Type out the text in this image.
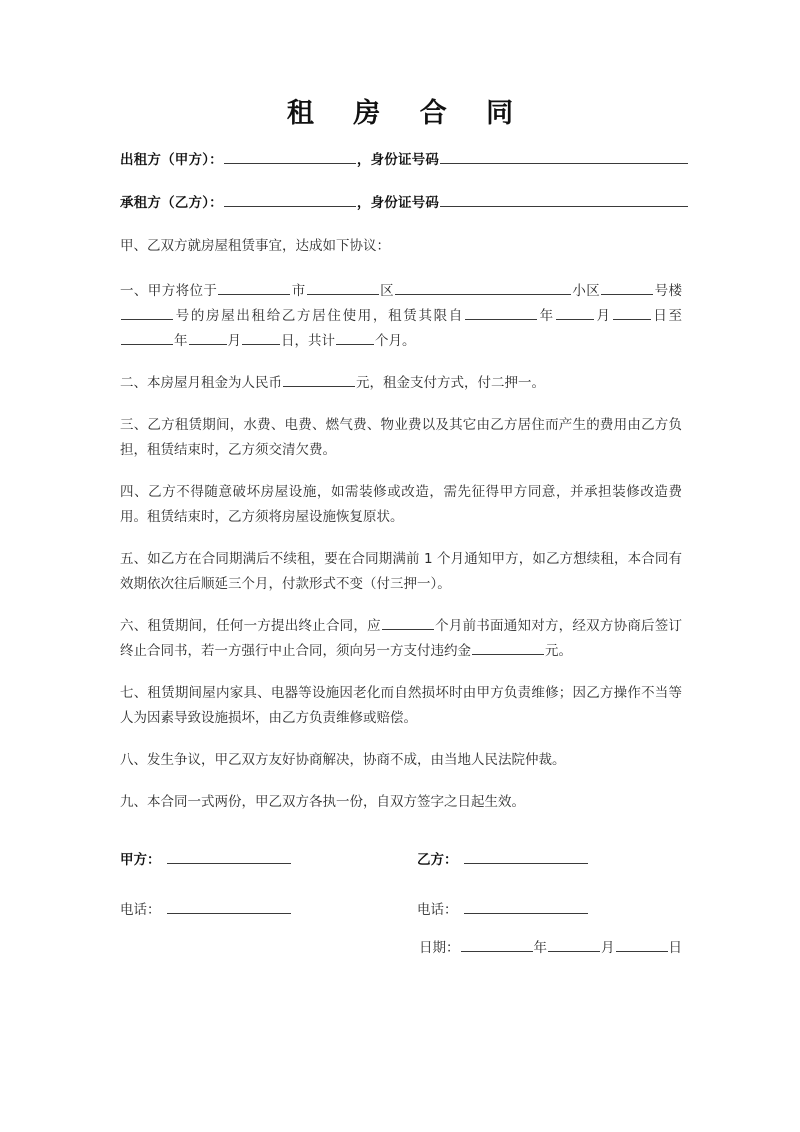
租 房 合 同
出租方（甲方）：	，身份证号码
承租方（乙方）：	，身份证号码
甲、乙双方就房屋租赁事宜，达成如下协议：
一、甲方将位于	市	区	小区	号楼号的房屋出租给乙方居住使用，租赁其限自	年	月	日至年	月	日，共计	个月。
二、本房屋月租金为人民币	元，租金支付方式，付二押一。
三、乙方租赁期间，水费、电费、燃气费、物业费以及其它由乙方居住而产生的费用由乙方负担，租赁结束时，乙方须交清欠费。
四、乙方不得随意破坏房屋设施，如需装修或改造，需先征得甲方同意，并承担装修改造费用。租赁结束时，乙方须将房屋设施恢复原状。
五、如乙方在合同期满后不续租，要在合同期满前 1 个月通知甲方，如乙方想续租，本合同有效期依次往后顺延三个月，付款形式不变（付三押一）。
六、租赁期间，任何一方提出终止合同，应	个月前书面通知对方，经双方协商后签订终止合同书，若一方强行中止合同，须向另一方支付违约金	元。
七、租赁期间屋内家具、电器等设施因老化而自然损坏时由甲方负责维修；因乙方操作不当等人为因素导致设施损坏，由乙方负责维修或赔偿。
八、发生争议，甲乙双方友好协商解决，协商不成，由当地人民法院仲裁。
九、本合同一式两份，甲乙双方各执一份，自双方签字之日起生效。
甲方：	乙方：
电话：	电话：
日期：	年	月	日
